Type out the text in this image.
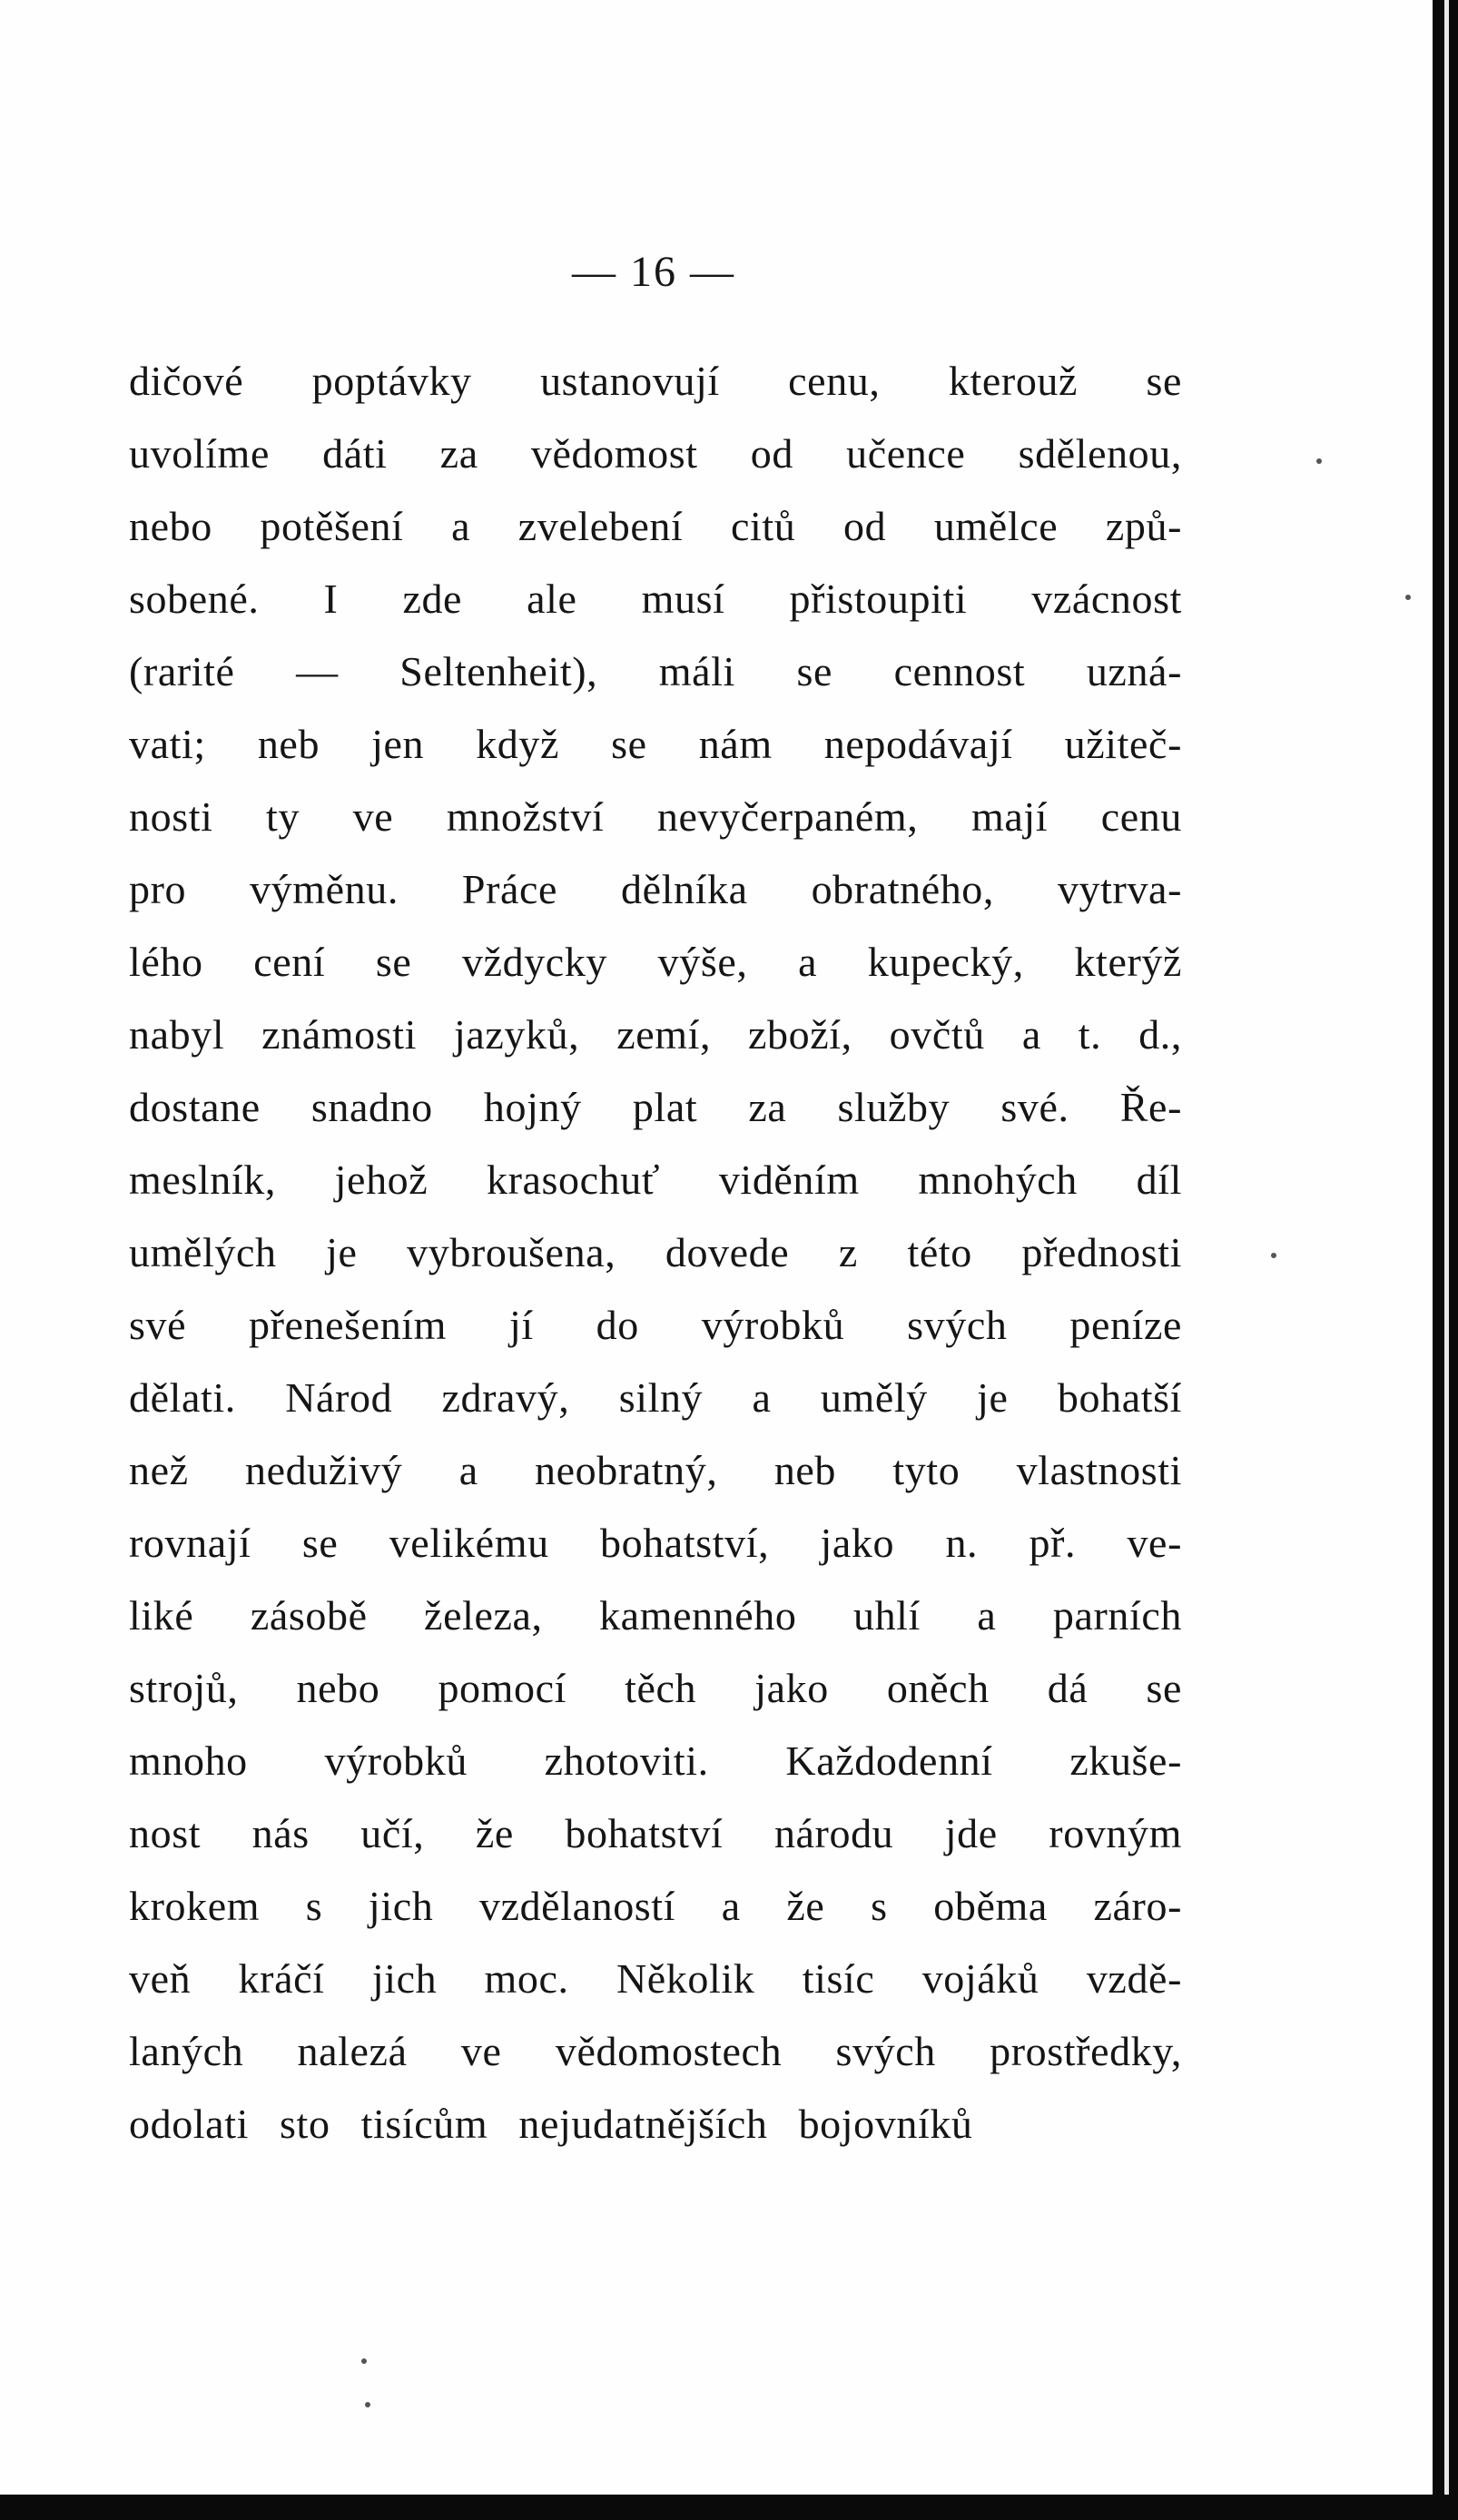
— 16 —
dičové poptávky ustanovují cenu, kterouž se
uvolíme dáti za vědomost od učence sdělenou,
nebo potěšení a zvelebení citů od umělce způ-
sobené. I zde ale musí přistoupiti vzácnost
(rarité — Seltenheit), máli se cennost uzná-
vati; neb jen když se nám nepodávají užiteč-
nosti ty ve množství nevyčerpaném, mají cenu
pro výměnu. Práce dělníka obratného, vytrva-
lého cení se vždycky výše, a kupecký, kterýž
nabyl známosti jazyků, zemí, zboží, ovčtů a t. d.,
dostane snadno hojný plat za služby své. Ře-
meslník, jehož krasochuť viděním mnohých díl
umělých je vybroušena, dovede z této přednosti
své přenešením jí do výrobků svých peníze
dělati. Národ zdravý, silný a umělý je bohatší
než neduživý a neobratný, neb tyto vlastnosti
rovnají se velikému bohatství, jako n. př. ve-
liké zásobě železa, kamenného uhlí a parních
strojů, nebo pomocí těch jako oněch dá se
mnoho výrobků zhotoviti. Každodenní zkuše-
nost nás učí, že bohatství národu jde rovným
krokem s jich vzdělaností a že s oběma záro-
veň kráčí jich moc. Několik tisíc vojáků vzdě-
laných nalezá ve vědomostech svých prostředky,
odolati sto tisícům nejudatnějších bojovníků
